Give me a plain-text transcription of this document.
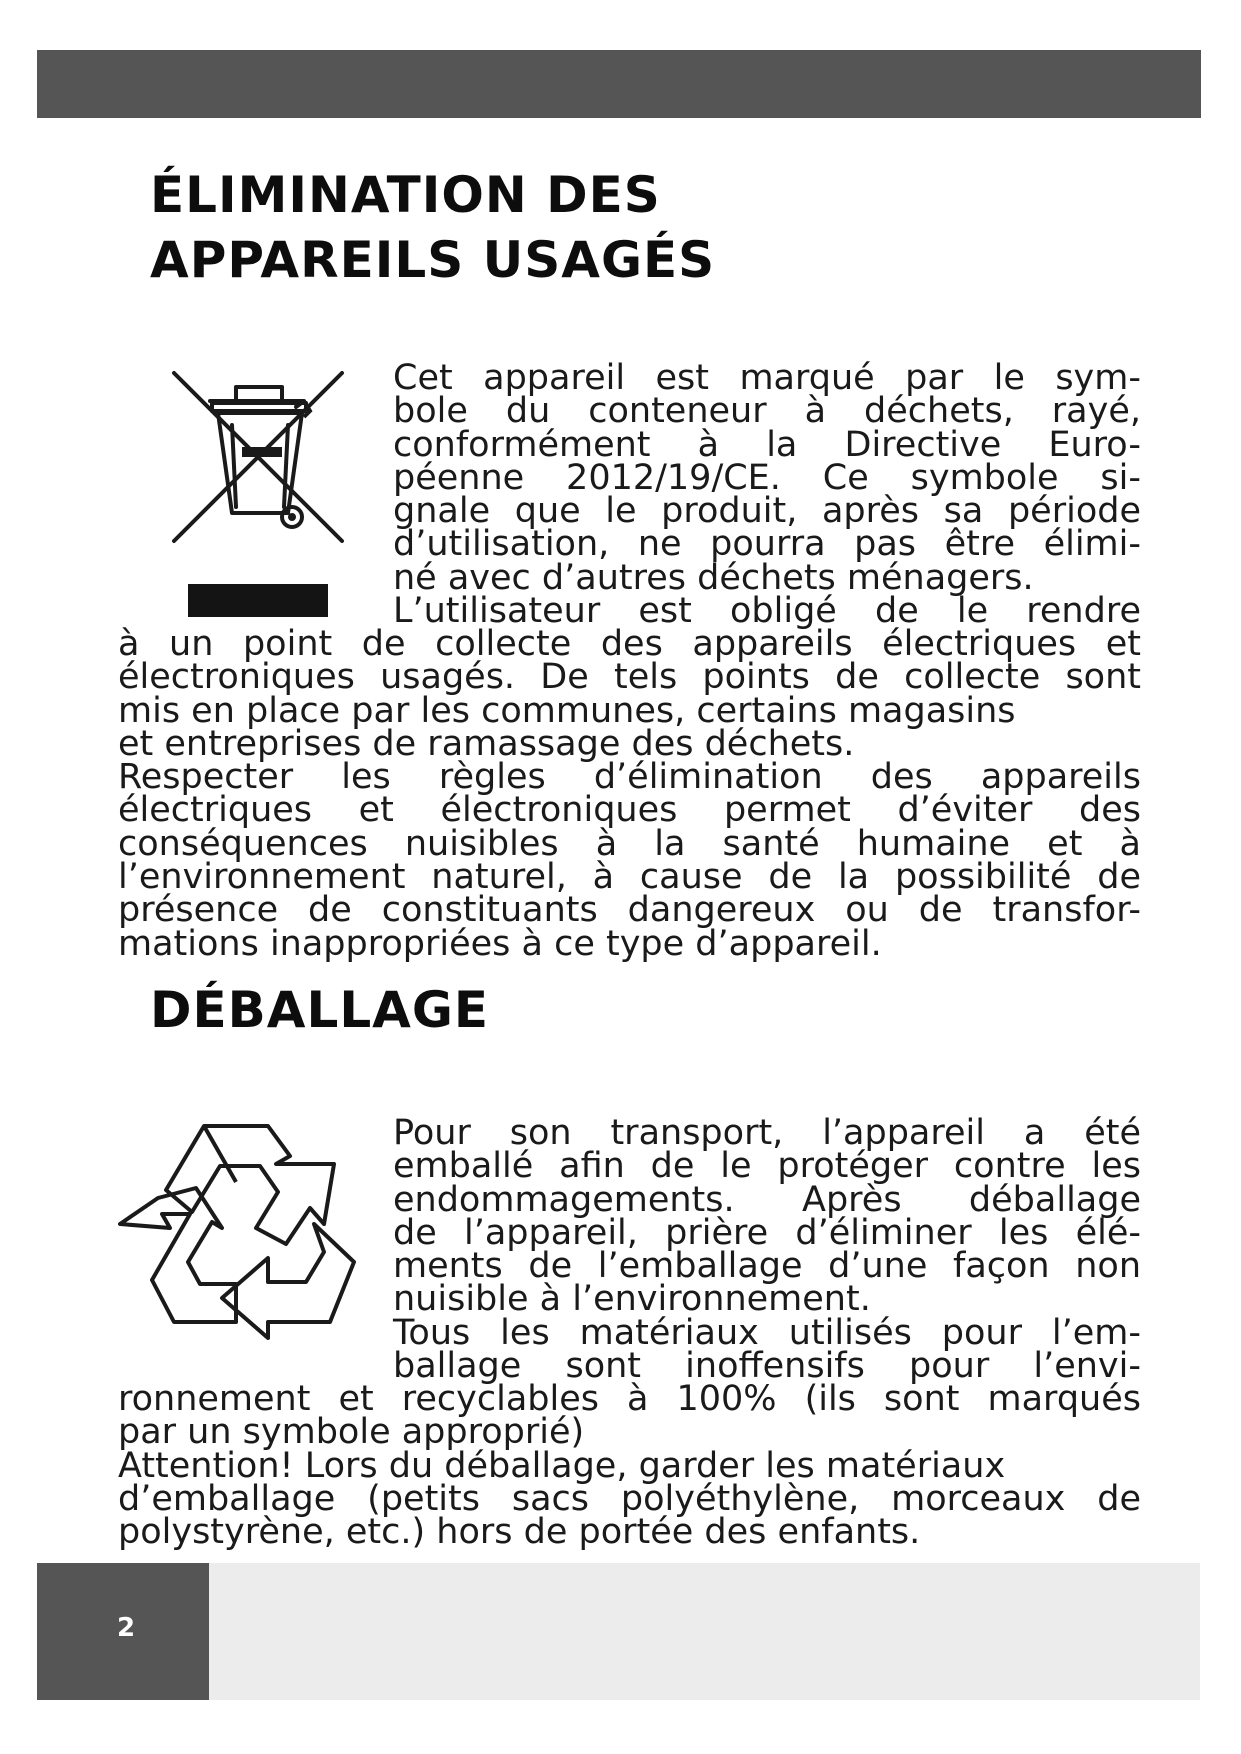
ÉLIMINATION DES
APPAREILS USAGÉS
Cet appareil est marqué par le sym-
bole du conteneur à déchets, rayé,
conformément à la Directive Euro-
péenne 2012/19/CE. Ce symbole si-
gnale que le produit, après sa période
d’utilisation, ne pourra pas être élimi-
né avec d’autres déchets ménagers.
L’utilisateur est obligé de le rendre
à un point de collecte des appareils électriques et
électroniques usagés. De tels points de collecte sont
mis en place par les communes, certains magasins
et entreprises de ramassage des déchets.
Respecter les règles d’élimination des appareils
électriques et électroniques permet d’éviter des
conséquences nuisibles à la santé humaine et à
l’environnement naturel, à cause de la possibilité de
présence de constituants dangereux ou de transfor-
mations inappropriées à ce type d’appareil.
DÉBALLAGE
Pour son transport, l’appareil a été
emballé afin de le protéger contre les
endommagements. Après déballage
de l’appareil, prière d’éliminer les élé-
ments de l’emballage d’une façon non
nuisible à l’environnement.
Tous les matériaux utilisés pour l’em-
ballage sont inoffensifs pour l’envi-
ronnement et recyclables à 100% (ils sont marqués
par un symbole approprié)
Attention! Lors du déballage, garder les matériaux
d’emballage (petits sacs polyéthylène, morceaux de
polystyrène, etc.) hors de portée des enfants.
2
